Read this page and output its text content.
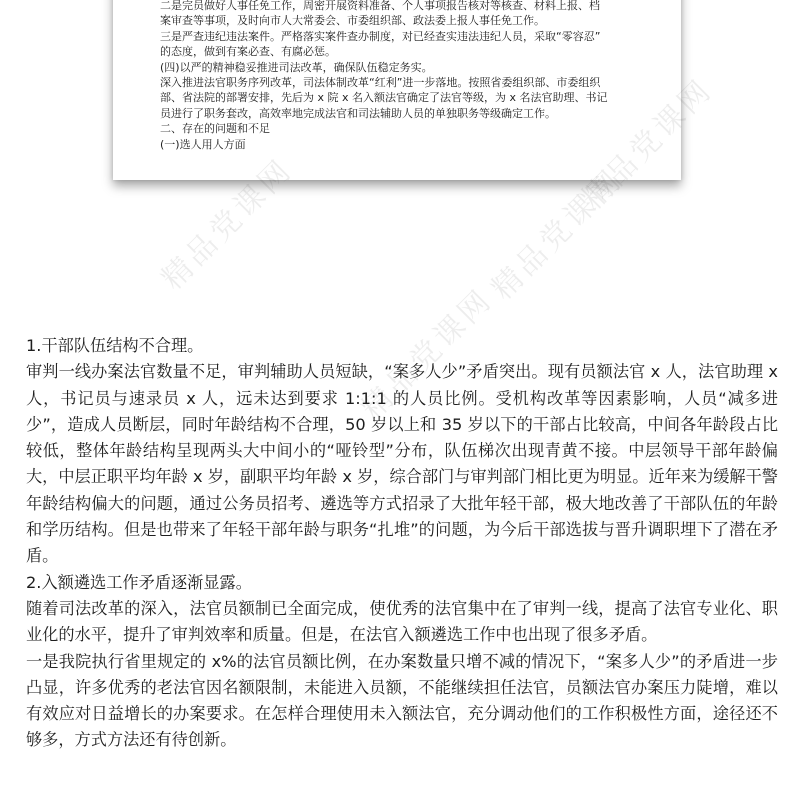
二是完员做好人事任免工作，周密开展资料准备、个人事项报告核对等核查、材料上报、档

案审查等事项，及时向市人大常委会、市委组织部、政法委上报人事任免工作。

三是严查违纪违法案件。严格落实案件查办制度，对已经查实违法违纪人员，采取“零容忍”

的态度，做到有案必查、有腐必惩。

(四)以严的精神稳妥推进司法改革，确保队伍稳定务实。

深入推进法官职务序列改革，司法体制改革“红利”进一步落地。按照省委组织部、市委组织

部、省法院的部署安排，先后为 x 院 x 名入额法官确定了法官等级，为 x 名法官助理、书记

员进行了职务套改，高效率地完成法官和司法辅助人员的单独职务等级确定工作。

二、存在的问题和不足

(一)选人用人方面

精品党课网	精品党课网
精品党课网

1.干部队伍结构不合理。

审判一线办案法官数量不足，审判辅助人员短缺，“案多人少”矛盾突出。现有员额法官 x 人，法官助理 x 人，书记员与速录员 x 人，远未达到要求 1:1:1 的人员比例。受机构改革等因素影响，人员“减多进少”，造成人员断层，同时年龄结构不合理，50 岁以上和 35 岁以下的干部占比较高，中间各年龄段占比较低，整体年龄结构呈现两头大中间小的“哑铃型”分布，队伍梯次出现青黄不接。中层领导干部年龄偏大，中层正职平均年龄 x 岁，副职平均年龄 x 岁，综合部门与审判部门相比更为明显。近年来为缓解干警年龄结构偏大的问题，通过公务员招考、遴选等方式招录了大批年轻干部，极大地改善了干部队伍的年龄和学历结构。但是也带来了年轻干部年龄与职务“扎堆”的问题，为今后干部选拔与晋升调职埋下了潜在矛盾。

2.入额遴选工作矛盾逐渐显露。

随着司法改革的深入，法官员额制已全面完成，使优秀的法官集中在了审判一线，提高了法官专业化、职业化的水平，提升了审判效率和质量。但是，在法官入额遴选工作中也出现了很多矛盾。

一是我院执行省里规定的 x%的法官员额比例，在办案数量只增不减的情况下，“案多人少”的矛盾进一步凸显，许多优秀的老法官因名额限制，未能进入员额，不能继续担任法官，员额法官办案压力陡增，难以有效应对日益增长的办案要求。在怎样合理使用未入额法官，充分调动他们的工作积极性方面，途径还不够多，方式方法还有待创新。
